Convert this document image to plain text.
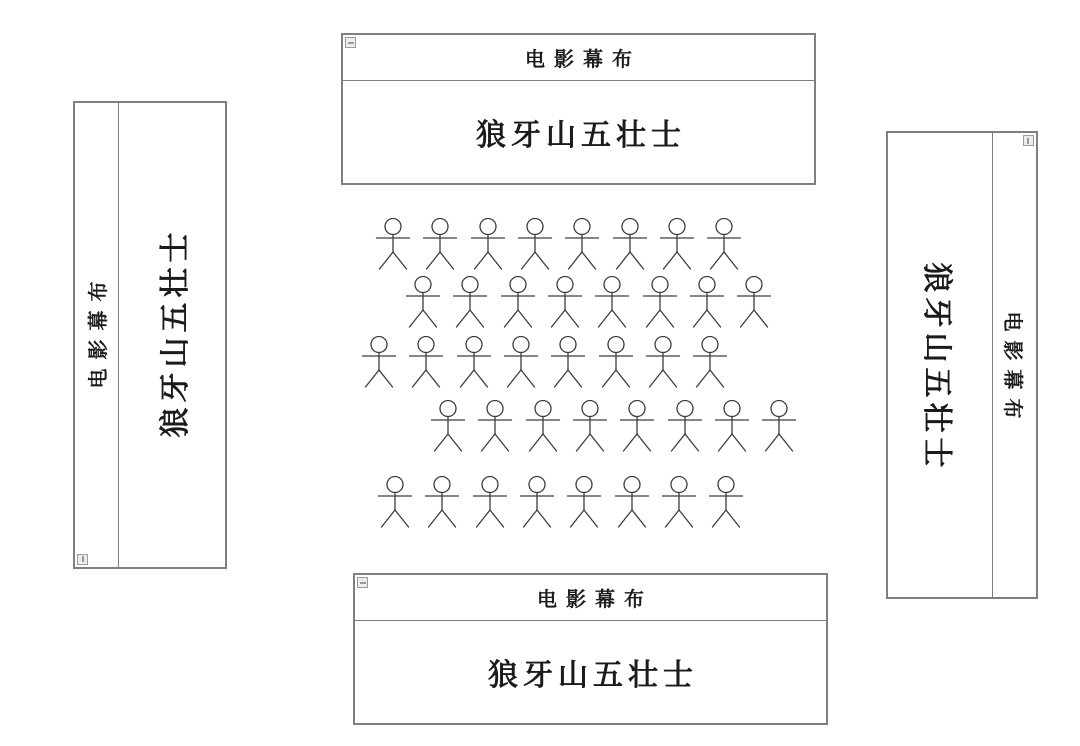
电影幕布
狼牙山五壮士
电影幕布	狼牙山五壮士	电影幕布
狼牙山五壮士
电影幕布
狼牙山五壮士
